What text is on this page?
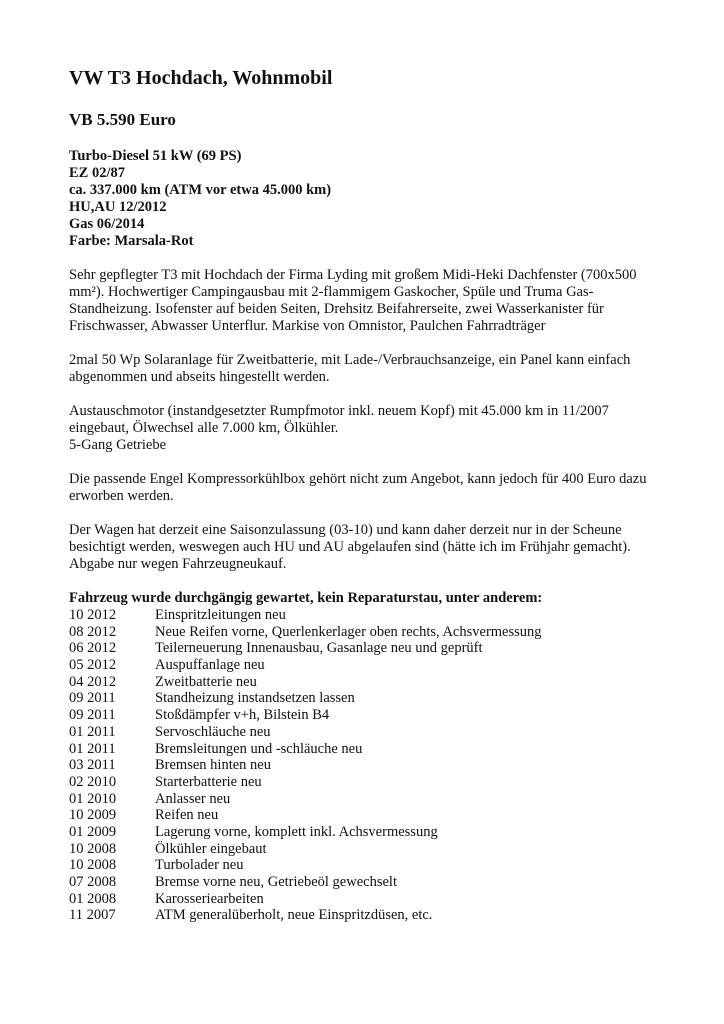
VW T3 Hochdach, Wohnmobil
VB 5.590 Euro
Turbo-Diesel 51 kW (69 PS)
EZ 02/87
ca. 337.000 km (ATM vor etwa 45.000 km)
HU,AU 12/2012
Gas 06/2014
Farbe: Marsala-Rot

Sehr gepflegter T3 mit Hochdach der Firma Lyding mit großem Midi-Heki Dachfenster (700x500
mm²). Hochwertiger Campingausbau mit 2-flammigem Gaskocher, Spüle und Truma Gas-
Standheizung. Isofenster auf beiden Seiten, Drehsitz Beifahrerseite, zwei Wasserkanister für
Frischwasser, Abwasser Unterflur. Markise von Omnistor, Paulchen Fahrradträger

2mal 50 Wp Solaranlage für Zweitbatterie, mit Lade-/Verbrauchsanzeige, ein Panel kann einfach
abgenommen und abseits hingestellt werden.

Austauschmotor (instandgesetzter Rumpfmotor inkl. neuem Kopf) mit 45.000 km in 11/2007
eingebaut, Ölwechsel alle 7.000 km, Ölkühler.
5-Gang Getriebe

Die passende Engel Kompressorkühlbox gehört nicht zum Angebot, kann jedoch für 400 Euro dazu
erworben werden.

Der Wagen hat derzeit eine Saisonzulassung (03-10) und kann daher derzeit nur in der Scheune
besichtigt werden, weswegen auch HU und AU abgelaufen sind (hätte ich im Frühjahr gemacht).
Abgabe nur wegen Fahrzeugneukauf.

Fahrzeug wurde durchgängig gewartet, kein Reparaturstau, unter anderem:
10 2012	Einspritzleitungen neu
08 2012	Neue Reifen vorne, Querlenkerlager oben rechts, Achsvermessung
06 2012	Teilerneuerung Innenausbau, Gasanlage neu und geprüft
05 2012	Auspuffanlage neu
04 2012	Zweitbatterie neu
09 2011	Standheizung instandsetzen lassen
09 2011	Stoßdämpfer v+h, Bilstein B4
01 2011	Servoschläuche neu
01 2011	Bremsleitungen und -schläuche neu
03 2011	Bremsen hinten neu
02 2010	Starterbatterie neu
01 2010	Anlasser neu
10 2009	Reifen neu
01 2009	Lagerung vorne, komplett inkl. Achsvermessung
10 2008	Ölkühler eingebaut
10 2008	Turbolader neu
07 2008	Bremse vorne neu, Getriebeöl gewechselt
01 2008	Karosseriearbeiten
11 2007	ATM generalüberholt, neue Einspritzdüsen, etc.
